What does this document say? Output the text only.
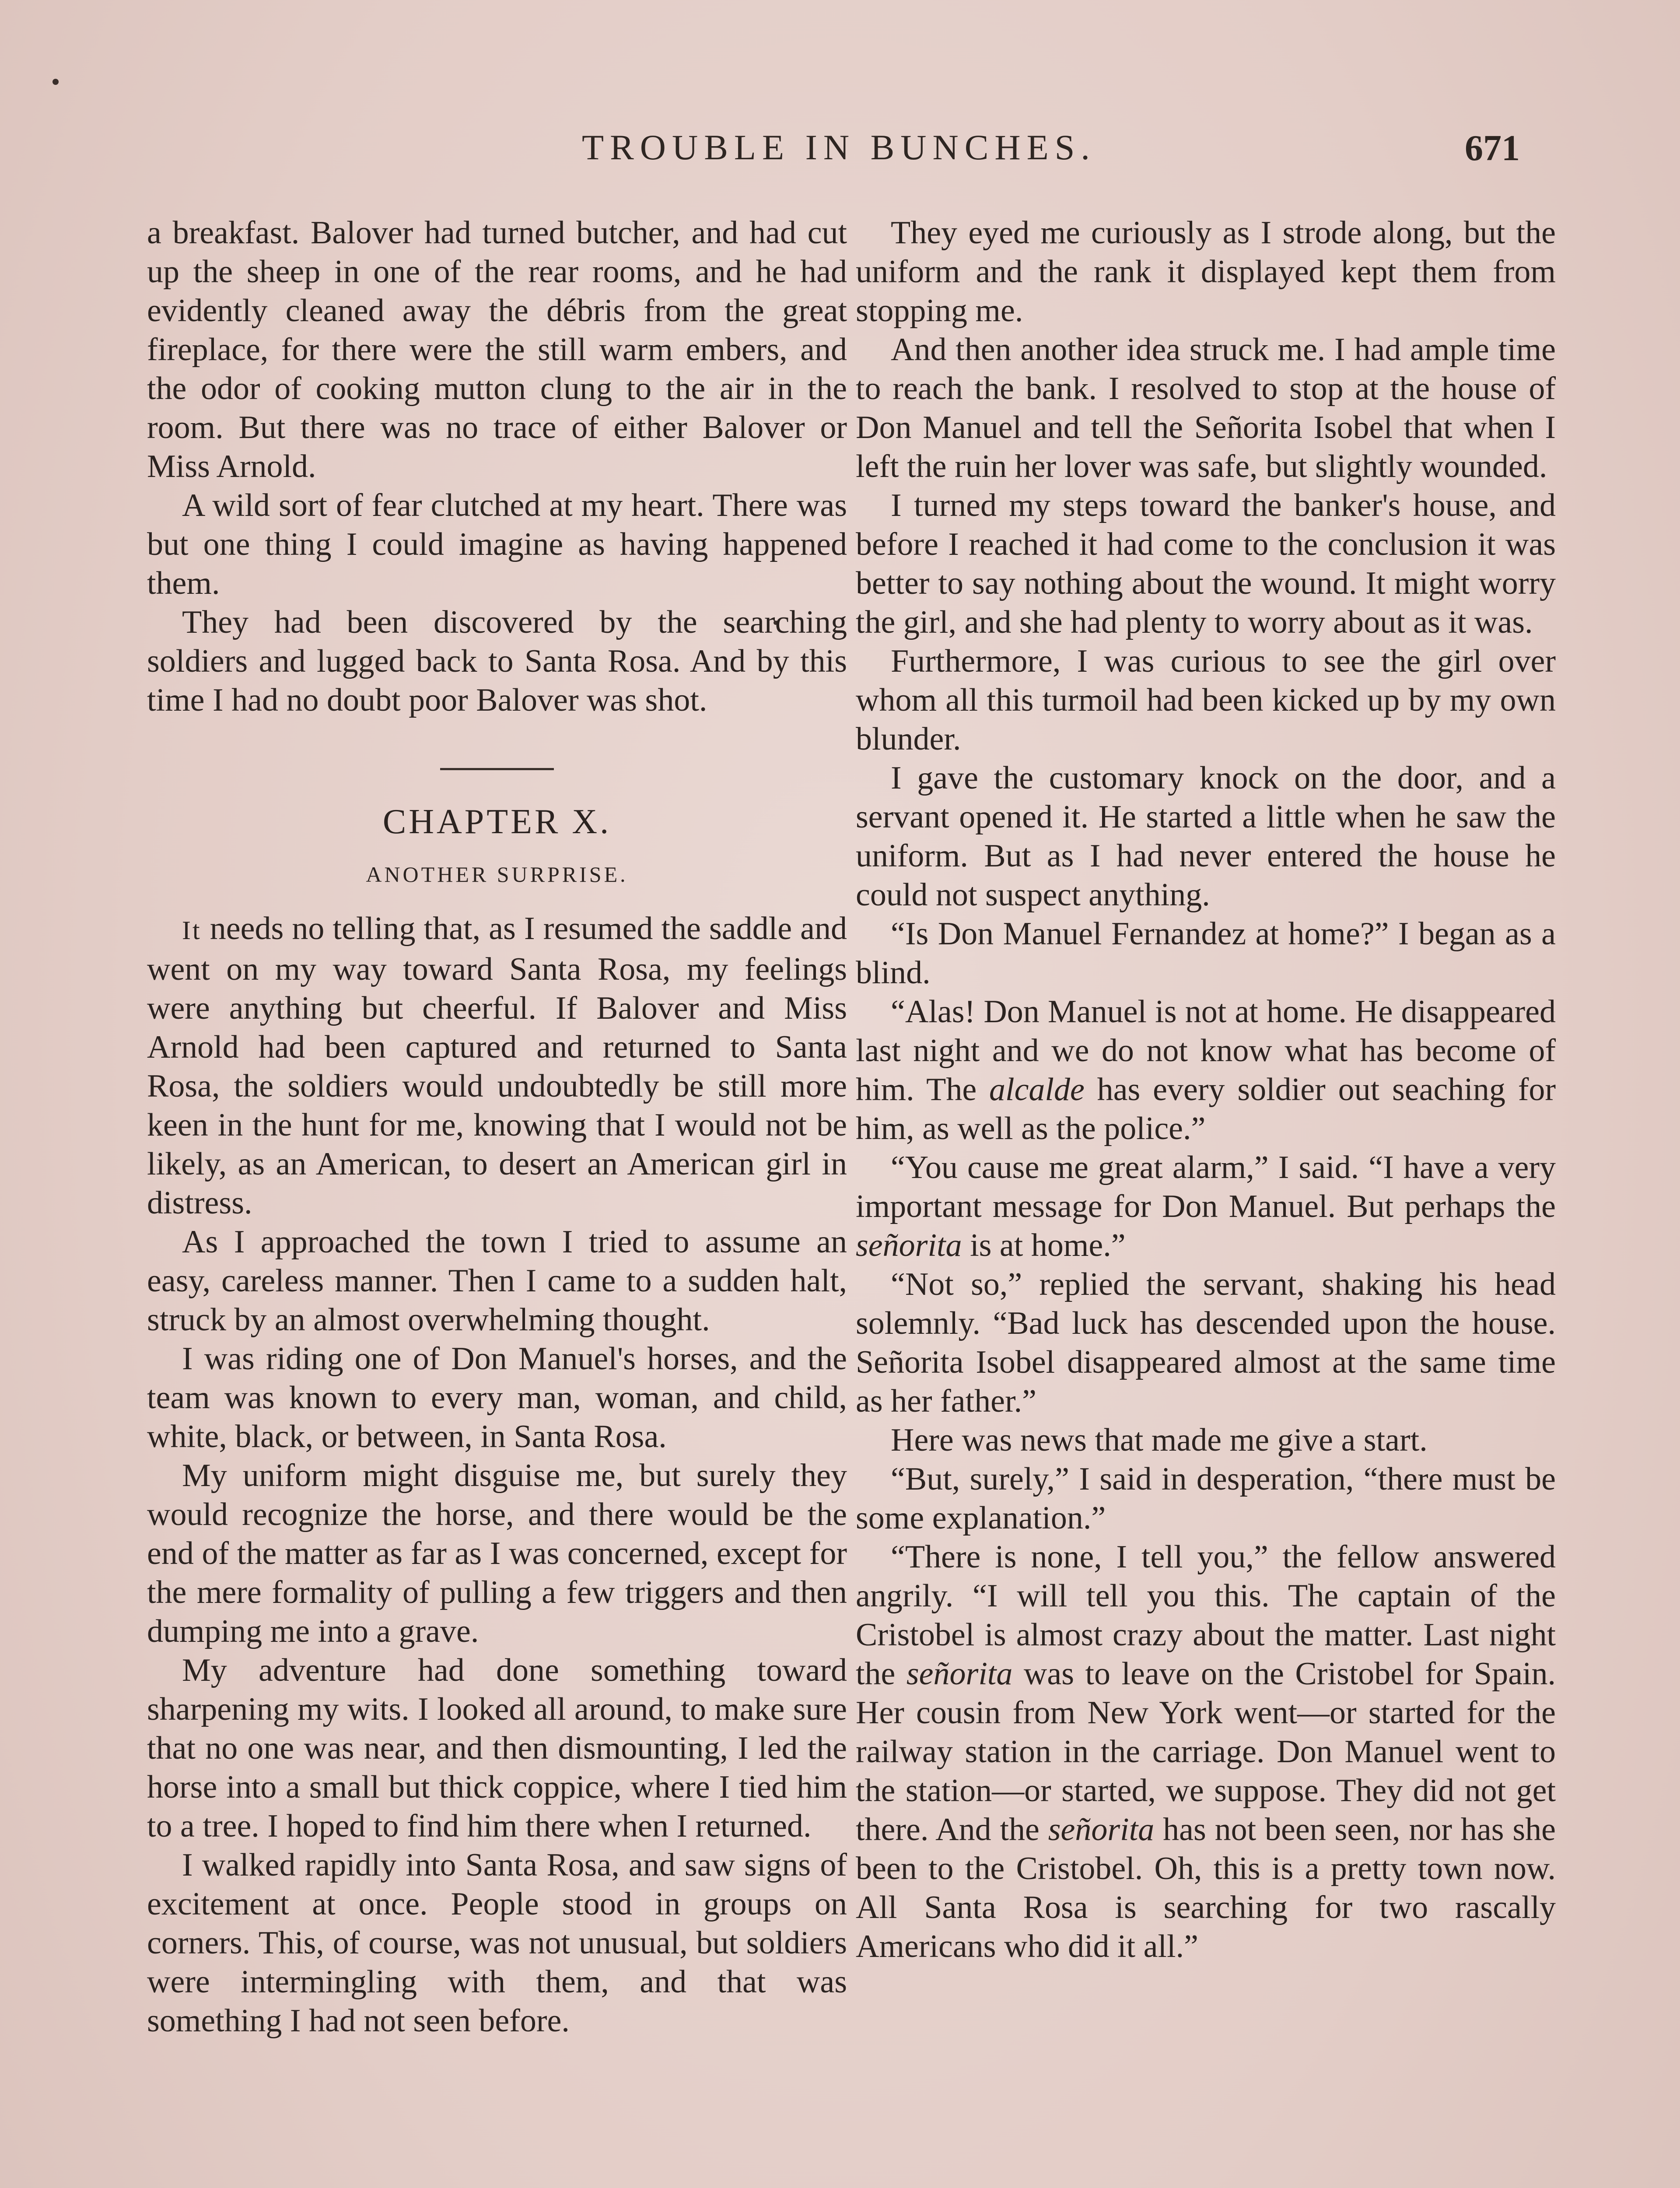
TROUBLE IN BUNCHES.	671

a breakfast. Balover had turned butcher, and had cut up the sheep in one of the rear rooms, and he had evidently cleaned away the débris from the great fireplace, for there were the still warm embers, and the odor of cooking mutton clung to the air in the room. But there was no trace of either Balover or Miss Arnold.

A wild sort of fear clutched at my heart. There was but one thing I could imagine as having happened them.

They had been discovered by the searching soldiers and lugged back to Santa Rosa. And by this time I had no doubt poor Balover was shot.

CHAPTER X.
ANOTHER SURPRISE.

It needs no telling that, as I resumed the saddle and went on my way toward Santa Rosa, my feelings were anything but cheerful. If Balover and Miss Arnold had been captured and returned to Santa Rosa, the soldiers would undoubtedly be still more keen in the hunt for me, knowing that I would not be likely, as an American, to desert an American girl in distress.

As I approached the town I tried to assume an easy, careless manner. Then I came to a sudden halt, struck by an almost overwhelming thought.

I was riding one of Don Manuel's horses, and the team was known to every man, woman, and child, white, black, or between, in Santa Rosa.

My uniform might disguise me, but surely they would recognize the horse, and there would be the end of the matter as far as I was concerned, except for the mere formality of pulling a few triggers and then dumping me into a grave.

My adventure had done something toward sharpening my wits. I looked all around, to make sure that no one was near, and then dismounting, I led the horse into a small but thick coppice, where I tied him to a tree. I hoped to find him there when I returned.

I walked rapidly into Santa Rosa, and saw signs of excitement at once. People stood in groups on corners. This, of course, was not unusual, but soldiers were intermingling with them, and that was something I had not seen before.

They eyed me curiously as I strode along, but the uniform and the rank it displayed kept them from stopping me.

And then another idea struck me. I had ample time to reach the bank. I resolved to stop at the house of Don Manuel and tell the Señorita Isobel that when I left the ruin her lover was safe, but slightly wounded.

I turned my steps toward the banker's house, and before I reached it had come to the conclusion it was better to say nothing about the wound. It might worry the girl, and she had plenty to worry about as it was.

Furthermore, I was curious to see the girl over whom all this turmoil had been kicked up by my own blunder.

I gave the customary knock on the door, and a servant opened it. He started a little when he saw the uniform. But as I had never entered the house he could not suspect anything.

“Is Don Manuel Fernandez at home?” I began as a blind.

“Alas! Don Manuel is not at home. He disappeared last night and we do not know what has become of him. The alcalde has every soldier out seaching for him, as well as the police.”

“You cause me great alarm,” I said. “I have a very important message for Don Manuel. But perhaps the señorita is at home.”

“Not so,” replied the servant, shaking his head solemnly. “Bad luck has descended upon the house. Señorita Isobel disappeared almost at the same time as her father.”

Here was news that made me give a start.

“But, surely,” I said in desperation, “there must be some explanation.”

“There is none, I tell you,” the fellow answered angrily. “I will tell you this. The captain of the Cristobel is almost crazy about the matter. Last night the señorita was to leave on the Cristobel for Spain. Her cousin from New York went—or started for the railway station in the carriage. Don Manuel went to the station—or started, we suppose. They did not get there. And the señorita has not been seen, nor has she been to the Cristobel. Oh, this is a pretty town now. All Santa Rosa is searching for two rascally Americans who did it all.”
